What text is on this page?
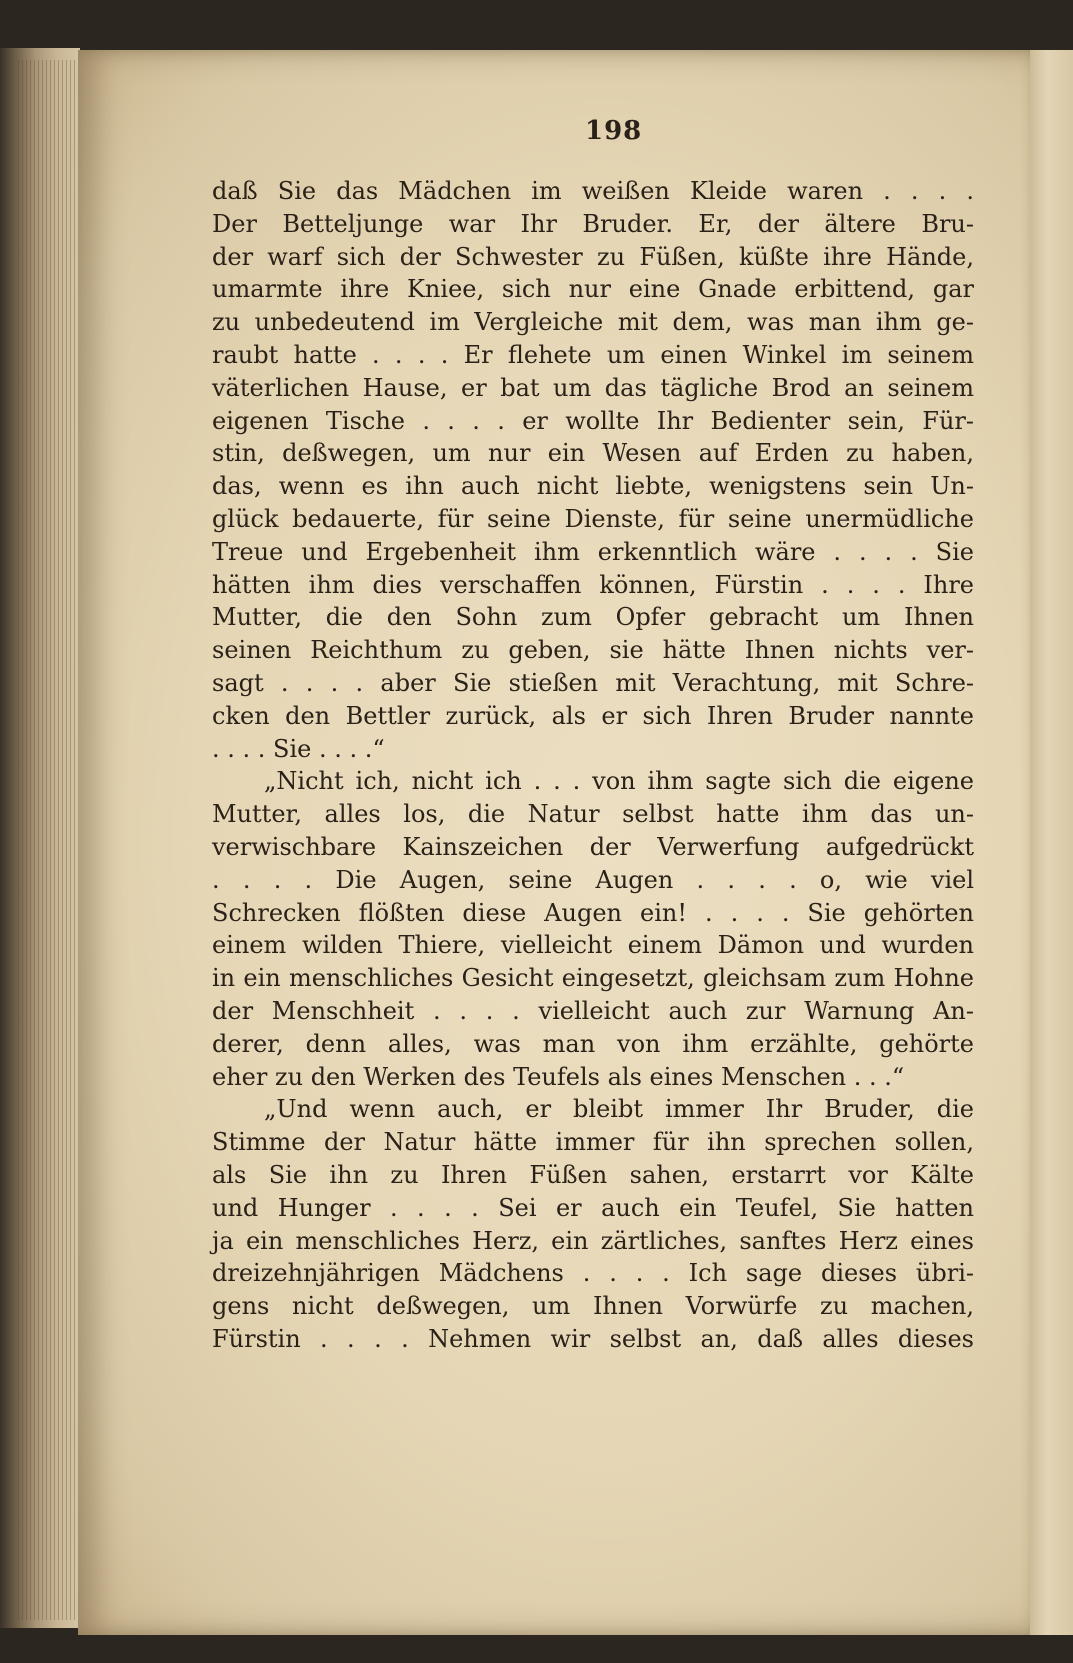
198
daß Sie das Mädchen im weißen Kleide waren . . . .
Der Betteljunge war Ihr Bruder. Er, der ältere Bru-
der warf sich der Schwester zu Füßen, küßte ihre Hände,
umarmte ihre Kniee, sich nur eine Gnade erbittend, gar
zu unbedeutend im Vergleiche mit dem, was man ihm ge-
raubt hatte . . . . Er flehete um einen Winkel im seinem
väterlichen Hause, er bat um das tägliche Brod an seinem
eigenen Tische . . . . er wollte Ihr Bedienter sein, Für-
stin, deßwegen, um nur ein Wesen auf Erden zu haben,
das, wenn es ihn auch nicht liebte, wenigstens sein Un-
glück bedauerte, für seine Dienste, für seine unermüdliche
Treue und Ergebenheit ihm erkenntlich wäre . . . . Sie
hätten ihm dies verschaffen können, Fürstin . . . . Ihre
Mutter, die den Sohn zum Opfer gebracht um Ihnen
seinen Reichthum zu geben, sie hätte Ihnen nichts ver-
sagt . . . . aber Sie stießen mit Verachtung, mit Schre-
cken den Bettler zurück, als er sich Ihren Bruder nannte
. . . . Sie . . . .“
„Nicht ich, nicht ich . . . von ihm sagte sich die eigene
Mutter, alles los, die Natur selbst hatte ihm das un-
verwischbare Kainszeichen der Verwerfung aufgedrückt
. . . . Die Augen, seine Augen . . . . o, wie viel
Schrecken flößten diese Augen ein! . . . . Sie gehörten
einem wilden Thiere, vielleicht einem Dämon und wurden
in ein menschliches Gesicht eingesetzt, gleichsam zum Hohne
der Menschheit . . . . vielleicht auch zur Warnung An-
derer, denn alles, was man von ihm erzählte, gehörte
eher zu den Werken des Teufels als eines Menschen . . .“
„Und wenn auch, er bleibt immer Ihr Bruder, die
Stimme der Natur hätte immer für ihn sprechen sollen,
als Sie ihn zu Ihren Füßen sahen, erstarrt vor Kälte
und Hunger . . . . Sei er auch ein Teufel, Sie hatten
ja ein menschliches Herz, ein zärtliches, sanftes Herz eines
dreizehnjährigen Mädchens . . . . Ich sage dieses übri-
gens nicht deßwegen, um Ihnen Vorwürfe zu machen,
Fürstin . . . . Nehmen wir selbst an, daß alles dieses
